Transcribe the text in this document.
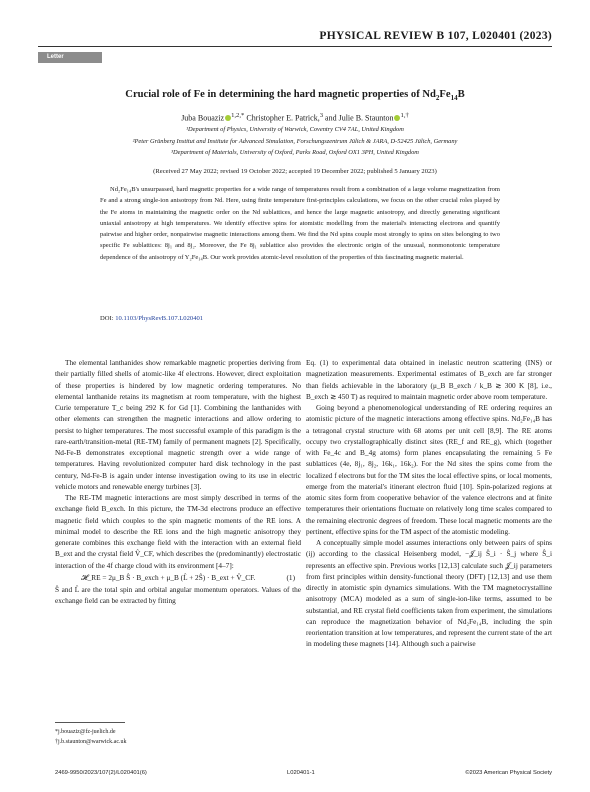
PHYSICAL REVIEW B 107, L020401 (2023)
Letter
Crucial role of Fe in determining the hard magnetic properties of $Nd_2Fe_{14}B$
Juba Bouaziz $^{1,2,*}$ Christopher E. Patrick,$^3$ and Julie B. Staunton $^{1,\dagger}$
¹Department of Physics, University of Warwick, Coventry CV4 7AL, United Kingdom
²Peter Grünberg Institut and Institute for Advanced Simulation, Forschungszentrum Jülich & JARA, D-52425 Jülich, Germany
³Department of Materials, University of Oxford, Parks Road, Oxford OX1 3PH, United Kingdom
(Received 27 May 2022; revised 19 October 2022; accepted 19 December 2022; published 5 January 2023)
Nd₂Fe₁₄B's unsurpassed, hard magnetic properties for a wide range of temperatures result from a combination of a large volume magnetization from Fe and a strong single-ion anisotropy from Nd. Here, using finite temperature first-principles calculations, we focus on the other crucial roles played by the Fe atoms in maintaining the magnetic order on the Nd sublattices, and hence the large magnetic anisotropy, and directly generating significant uniaxial anisotropy at high temperatures. We identify effective spins for atomistic modelling from the material's interacting electrons and quantify pairwise and higher order, nonpairwise magnetic interactions among them. We find the Nd spins couple most strongly to spins on sites belonging to two specific Fe sublattices: 8j₁ and 8j₂. Moreover, the Fe 8j₁ sublattice also provides the electronic origin of the unusual, nonmonotonic temperature dependence of the anisotropy of Y₂Fe₁₄B. Our work provides atomic-level resolution of the properties of this fascinating magnetic material.
DOI: 10.1103/PhysRevB.107.L020401

The elemental lanthanides show remarkable magnetic properties deriving from their partially filled shells of atomic-like 4f electrons. However, direct exploitation of these properties is hindered by low magnetic ordering temperatures. No elemental lanthanide retains its magnetism at room temperature, with the highest Curie temperature T_c being 292 K for Gd [1]. Combining the lanthanides with other elements can strengthen the magnetic interactions and allow ordering to persist to higher temperatures. The most successful example of this paradigm is the rare-earth/transition-metal (RE-TM) family of permanent magnets [2]. Specifically, Nd-Fe-B demonstrates exceptional magnetic strength over a wide range of temperatures. Having revolutionized computer hard disk technology in the past century, Nd-Fe-B is again under intense investigation owing to its use in electric vehicle motors and renewable energy turbines [3].

The RE-TM magnetic interactions are most simply described in terms of the exchange field B_exch. In this picture, the TM-3d electrons produce an effective magnetic field which couples to the spin magnetic moments of the RE ions. A minimal model to describe the RE ions and the high magnetic anisotropy they generate combines this exchange field with the interaction with an external field B_ext and the crystal field V̂_CF, which describes the (predominantly) electrostatic interaction of the 4f charge cloud with its environment [4–7]:

𝓗_RE = 2μ_B Ŝ · B_exch + μ_B (L̂ + 2Ŝ) · B_ext + V̂_CF.	(1)

Ŝ and L̂ are the total spin and orbital angular momentum operators. Values of the exchange field can be extracted by fitting

Eq. (1) to experimental data obtained in inelastic neutron scattering (INS) or magnetization measurements. Experimental estimates of B_exch are far stronger than fields achievable in the laboratory (μ_B B_exch / k_B ≳ 300 K [8], i.e., B_exch ≳ 450 T) as required to maintain magnetic order above room temperature.

Going beyond a phenomenological understanding of RE ordering requires an atomistic picture of the magnetic interactions among effective spins. Nd₂Fe₁₄B has a tetragonal crystal structure with 68 atoms per unit cell [8,9]. The RE atoms occupy two crystallographically distinct sites (RE_f and RE_g), which (together with Fe_4c and B_4g atoms) form planes encapsulating the remaining 5 Fe sublattices (4e, 8j₁, 8j₂, 16k₁, 16k₂). For the Nd sites the spins come from the localized f electrons but for the TM sites the local effective spins, or local moments, emerge from the material's itinerant electron fluid [10]. Spin-polarized regions at atomic sites form from cooperative behavior of the valence electrons and at finite temperatures their orientations fluctuate on relatively long time scales compared to the remaining electronic degrees of freedom. These local magnetic moments are the pertinent, effective spins for the TM aspect of the atomistic modeling.

A conceptually simple model assumes interactions only between pairs of spins (ij) according to the classical Heisenberg model, −𝒥_ij Ŝ_i · Ŝ_j where Ŝ_i represents an effective spin. Previous works [12,13] calculate such 𝒥_ij parameters from first principles within density-functional theory (DFT) [12,13] and use them directly in atomistic spin dynamics simulations. With the TM magnetocrystalline anisotropy (MCA) modeled as a sum of single-ion-like terms, assumed to be substantial, and RE crystal field coefficients taken from experiment, the simulations can reproduce the magnetization behavior of Nd₂Fe₁₄B, including the spin reorientation transition at low temperatures, and represent the current state of the art in modeling these magnets [14]. Although such a pairwise

*j.bouaziz@fz-juelich.de
†j.b.staunton@warwick.ac.uk
2469-9950/2023/107(2)/L020401(6)	L020401-1	©2023 American Physical Society
